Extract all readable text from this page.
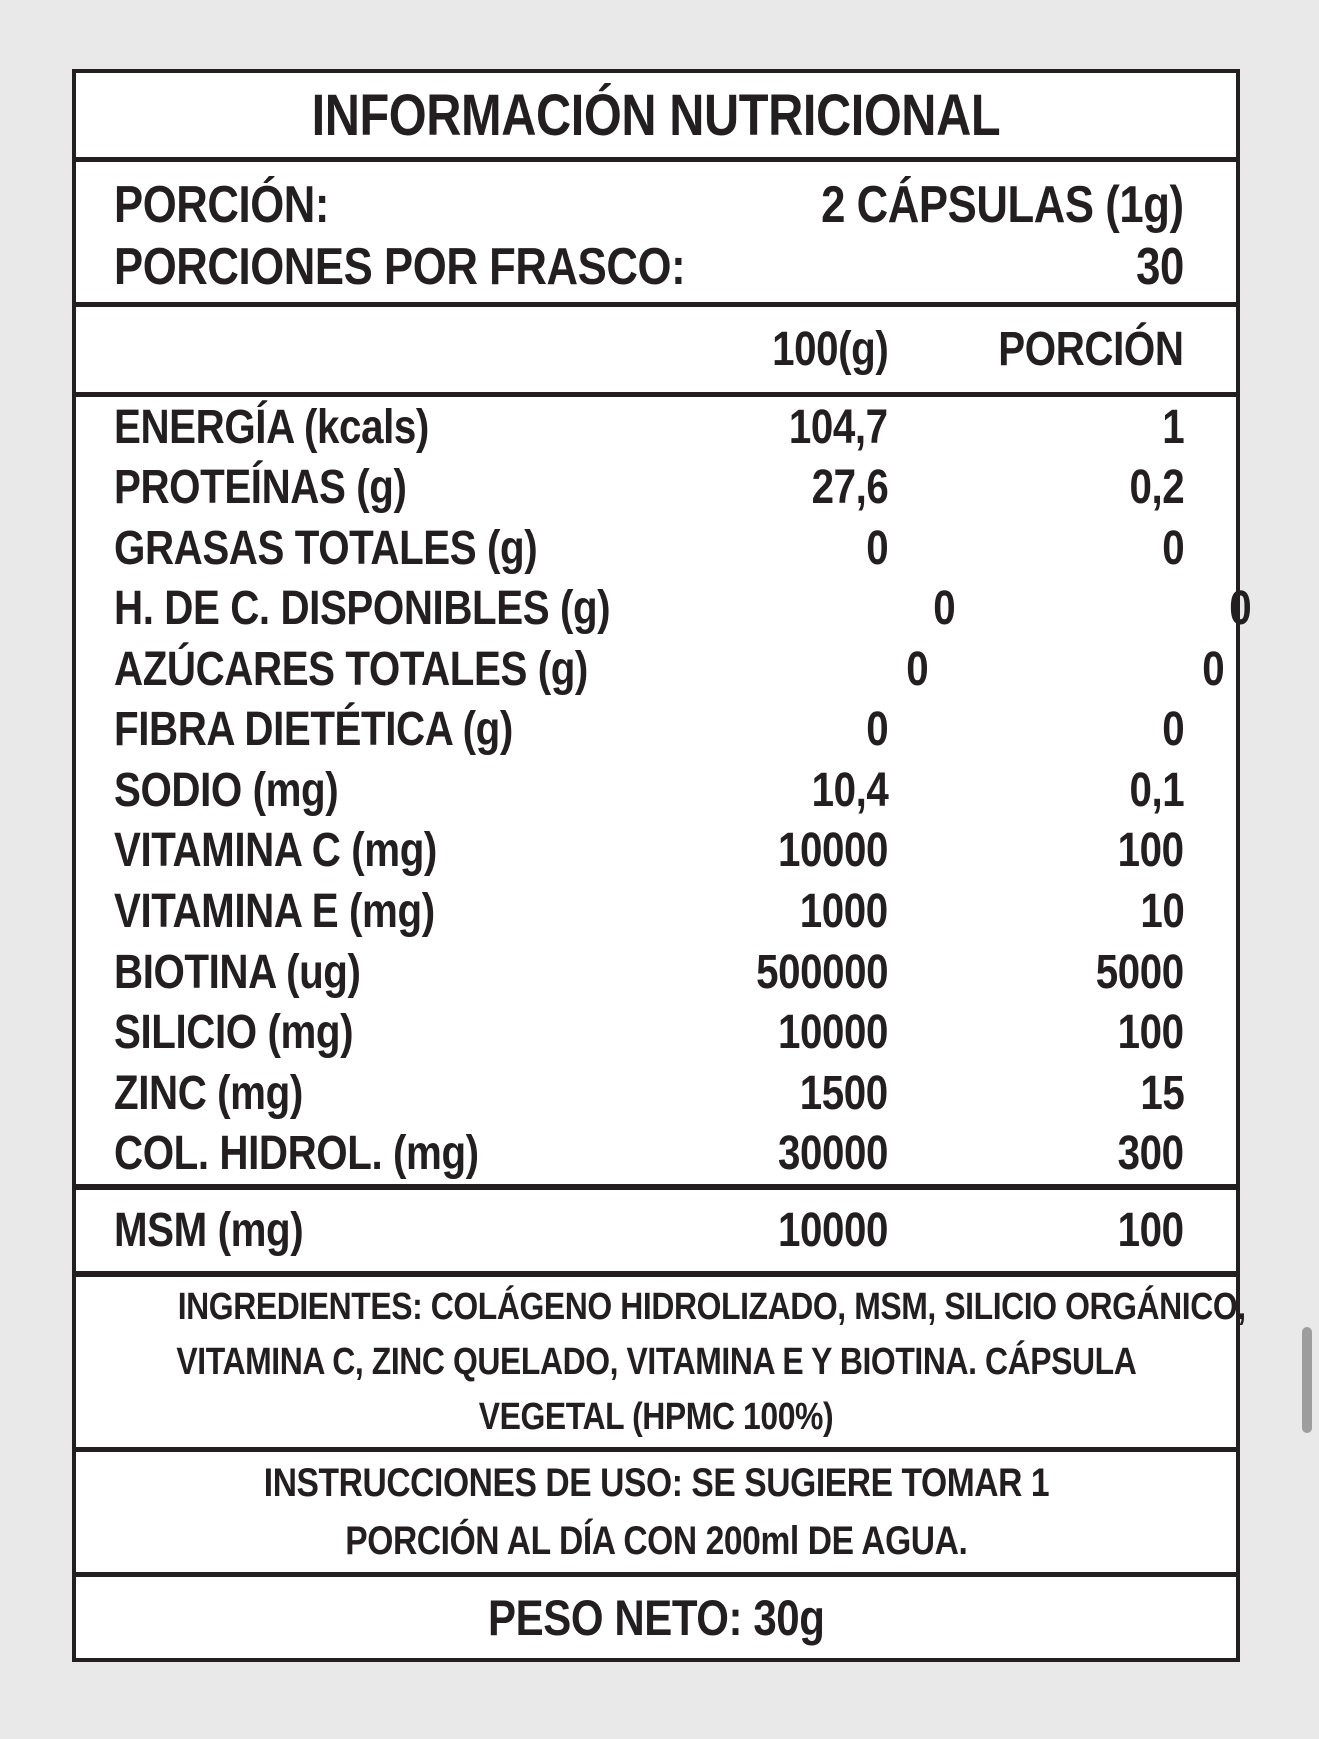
INFORMACIÓN NUTRICIONAL
PORCIÓN:	2 CÁPSULAS (1g)
PORCIONES POR FRASCO:	30
100(g)	PORCIÓN
ENERGÍA (kcals)	104,7	1
PROTEÍNAS (g)	27,6	0,2
GRASAS TOTALES (g)	0	0
H. DE C. DISPONIBLES (g)	0	0
AZÚCARES TOTALES (g)	0	0
FIBRA DIETÉTICA (g)	0	0
SODIO (mg)	10,4	0,1
VITAMINA C (mg)	10000	100
VITAMINA E (mg)	1000	10
BIOTINA (ug)	500000	5000
SILICIO (mg)	10000	100
ZINC (mg)	1500	15
COL. HIDROL. (mg)	30000	300
MSM (mg)	10000	100
INGREDIENTES: COLÁGENO HIDROLIZADO, MSM, SILICIO ORGÁNICO,
VITAMINA C, ZINC QUELADO, VITAMINA E Y BIOTINA. CÁPSULA
VEGETAL (HPMC 100%)
INSTRUCCIONES DE USO: SE SUGIERE TOMAR 1
PORCIÓN AL DÍA CON 200ml DE AGUA.
PESO NETO: 30g
